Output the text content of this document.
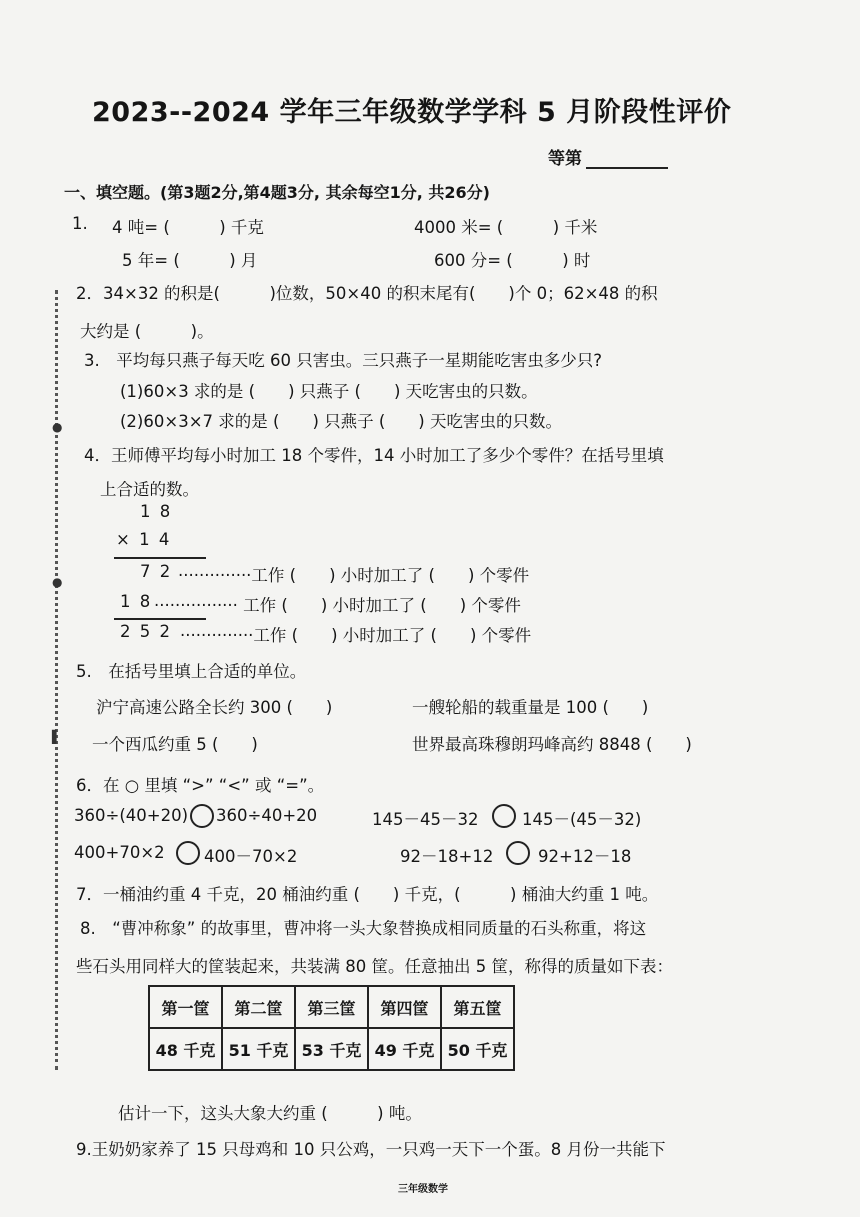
●
●
▌
2023--2024 学年三年级数学学科 5 月阶段性评价
等第
一、填空题。(第3题2分,第4题3分, 其余每空1分, 共26分)
1. 4 吨= (　　　) 千克	4000 米= (　　　) 千米
5 年= (　　　) 月	600 分= (　　　) 时
2．34×32 的积是(　　　)位数，50×40 的积末尾有(　　)个 0；62×48 的积
大约是 (　　　)。
3.　平均每只燕子每天吃 60 只害虫。三只燕子一星期能吃害虫多少只?
(1)60×3 求的是 (　　) 只燕子 (　　) 天吃害虫的只数。
(2)60×3×7 求的是 (　　) 只燕子 (　　) 天吃害虫的只数。
4．王师傅平均每小时加工 18 个零件，14 小时加工了多少个零件？在括号里填
上合适的数。
1 8
× 1 4
7 2 ··············工作 (　　) 小时加工了 (　　) 个零件
1 8 ················ 工作 (　　) 小时加工了 (　　) 个零件
2 5 2 ··············工作 (　　) 小时加工了 (　　) 个零件
5.　在括号里填上合适的单位。
沪宁高速公路全长约 300 (　　)	一艘轮船的载重量是 100 (　　)
一个西瓜约重 5 (　　)	世界最高珠穆朗玛峰高约 8848 (　　)
6．在 ○ 里填 “>” “<” 或 “=”。
360÷(40+20) 360÷40+20	145－45－32	145－(45－32)
400+70×2 400－70×2	92－18+12	92+12－18
7．一桶油约重 4 千克，20 桶油约重 (　　) 千克，(　　　) 桶油大约重 1 吨。
8.　“曹冲称象” 的故事里，曹冲将一头大象替换成相同质量的石头称重，将这
些石头用同样大的筐装起来，共装满 80 筐。任意抽出 5 筐，称得的质量如下表：
第一筐	第二筐	第三筐	第四筐	第五筐
48 千克	51 千克	53 千克	49 千克	50 千克
估计一下，这头大象大约重 (　　　) 吨。
9.王奶奶家养了 15 只母鸡和 10 只公鸡，一只鸡一天下一个蛋。8 月份一共能下
三年级数学
